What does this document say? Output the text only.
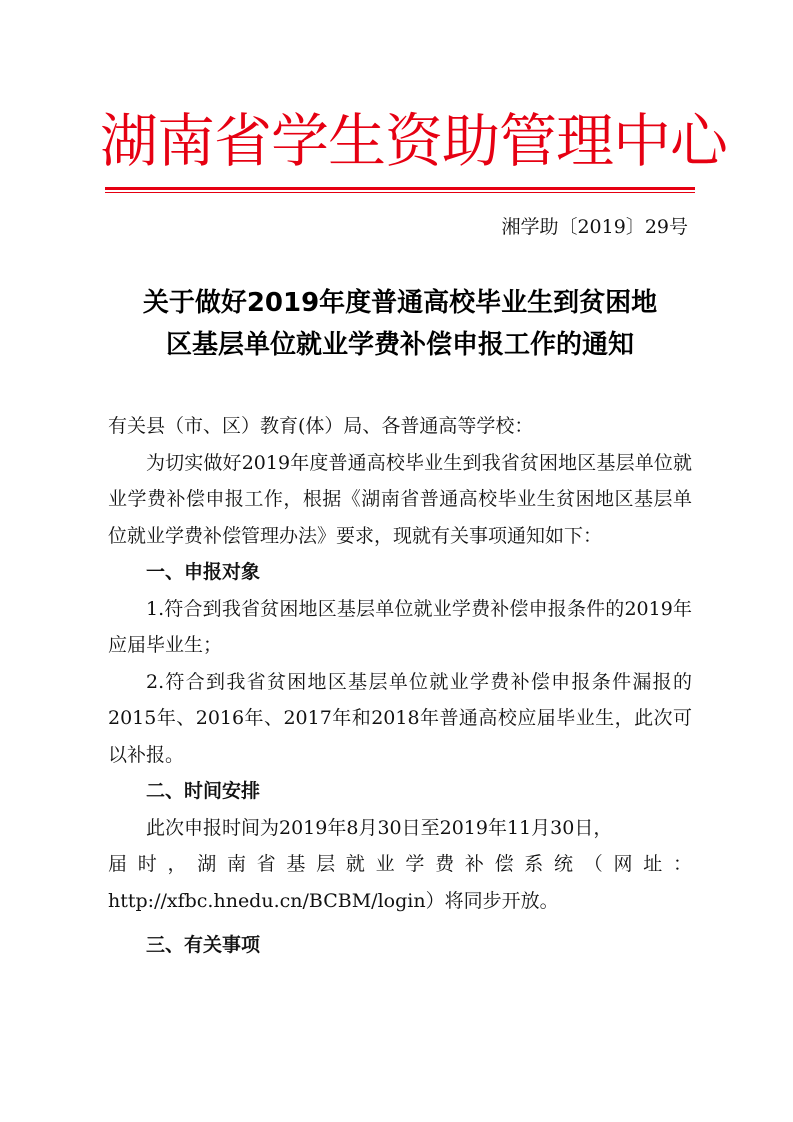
湖南省学生资助管理中心
湘学助〔2019〕29号
关于做好2019年度普通高校毕业生到贫困地
区基层单位就业学费补偿申报工作的通知

有关县（市、区）教育(体）局、各普通高等学校：

为切实做好2019年度普通高校毕业生到我省贫困地区基层单位就业学费补偿申报工作，根据《湖南省普通高校毕业生贫困地区基层单位就业学费补偿管理办法》要求，现就有关事项通知如下：

一、申报对象

1.符合到我省贫困地区基层单位就业学费补偿申报条件的2019年应届毕业生；

2.符合到我省贫困地区基层单位就业学费补偿申报条件漏报的2015年、2016年、2017年和2018年普通高校应届毕业生，此次可以补报。

二、时间安排

此次申报时间为2019年8月30日至2019年11月30日，

届时，湖南省基层就业学费补偿系统（网址：

http://xfbc.hnedu.cn/BCBM/login）将同步开放。

三、有关事项
